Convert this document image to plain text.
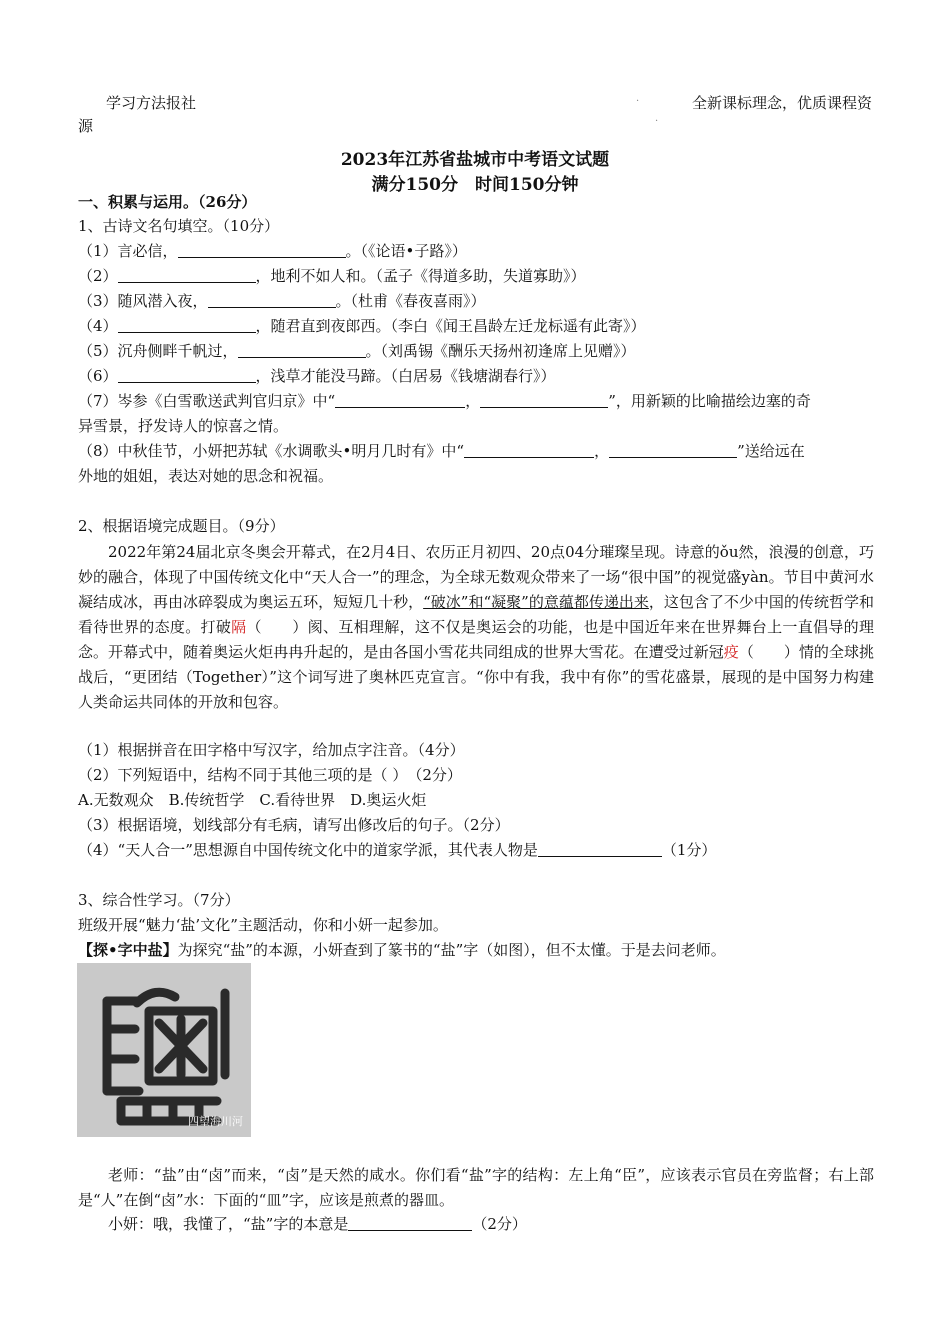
学习方法报社	全新课标理念，优质课程资
源
·
·
2023年江苏省盐城市中考语文试题
满分150分　时间150分钟
一、积累与运用。（26分）
1、古诗文名句填空。（10分）
（1）言必信，	。（《论语•子路》）
（2）	，地利不如人和。（孟子《得道多助，失道寡助》）
（3）随风潜入夜，	。（杜甫《春夜喜雨》）
（4）	，随君直到夜郎西。（李白《闻王昌龄左迁龙标遥有此寄》）
（5）沉舟侧畔千帆过，	。（刘禹锡《酬乐天扬州初逢席上见赠》）
（6）	，浅草才能没马蹄。（白居易《钱塘湖春行》）
（7）岑参《白雪歌送武判官归京》中“	，	”，用新颖的比喻描绘边塞的奇
异雪景，抒发诗人的惊喜之情。
（8）中秋佳节，小妍把苏轼《水调歌头•明月几时有》中“	，	”送给远在
外地的姐姐，表达对她的思念和祝福。
2、根据语境完成题目。（9分）
2022年第24届北京冬奥会开幕式，在2月4日、农历正月初四、20点04分璀璨呈现。诗意的ǒu然，浪漫的创意，巧妙的融合，体现了中国传统文化中“天人合一”的理念，为全球无数观众带来了一场“很中国”的视觉盛yàn。节目中黄河水凝结成冰，再由冰碎裂成为奥运五环，短短几十秒，“破冰”和“凝聚”的意蕴都传递出来，这包含了不少中国的传统哲学和看待世界的态度。打破隔（　　）阂、互相理解，这不仅是奥运会的功能，也是中国近年来在世界舞台上一直倡导的理念。开幕式中，随着奥运火炬冉冉升起的，是由各国小雪花共同组成的世界大雪花。在遭受过新冠疫（　　）情的全球挑战后，“更团结（Together）”这个词写进了奥林匹克宣言。“你中有我，我中有你”的雪花盛景，展现的是中国努力构建人类命运共同体的开放和包容。
（1）根据拼音在田字格中写汉字，给加点字注音。（4分）
（2）下列短语中，结构不同于其他三项的是（ ）　（2分）
A.无数观众　B.传统哲学　C.看待世界　D.奥运火炬
（3）根据语境，划线部分有毛病，请写出修改后的句子。（2分）
（4）“天人合一”思想源自中国传统文化中的道家学派，其代表人物是	（1分）
3、综合性学习。（7分）
班级开展“魅力‘盐’文化”主题活动，你和小妍一起参加。
【探•字中盐】为探究“盐”的本源，小妍查到了篆书的“盐”字（如图），但不太懂。于是去问老师。
四望海川河
老师：“盐”由“卤”而来，“卤”是天然的咸水。你们看“盐”字的结构：左上角“臣”，应该表示官员在旁监督；右上部是“人”在倒“卤”水：下面的“皿”字，应该是煎煮的器皿。
小妍：哦，我懂了，“盐”字的本意是	（2分）
